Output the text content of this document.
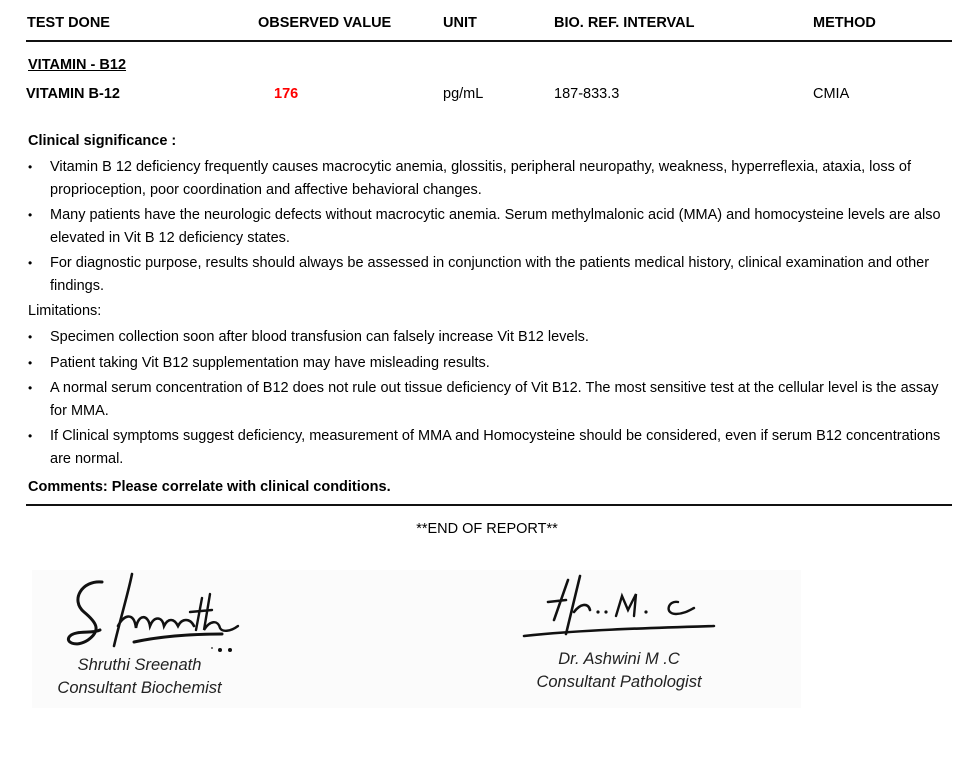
TEST DONE	OBSERVED VALUE	UNIT	BIO. REF. INTERVAL	METHOD
VITAMIN - B12
VITAMIN B-12	176	pg/mL	187-833.3	CMIA
Clinical significance :
• Vitamin B 12 deficiency frequently causes macrocytic anemia, glossitis, peripheral neuropathy, weakness, hyperreflexia, ataxia, loss of proprioception, poor coordination and affective behavioral changes.
• Many patients have the neurologic defects without macrocytic anemia. Serum methylmalonic acid (MMA) and homocysteine levels are also elevated in Vit B 12 deficiency states.
• For diagnostic purpose, results should always be assessed in conjunction with the patients medical history, clinical examination and other findings.
Limitations:
• Specimen collection soon after blood transfusion can falsely increase Vit B12 levels.
• Patient taking Vit B12 supplementation may have misleading results.
• A normal serum concentration of B12 does not rule out tissue deficiency of Vit B12. The most sensitive test at the cellular level is the assay for MMA.
• If Clinical symptoms suggest deficiency, measurement of MMA and Homocysteine should be considered, even if serum B12 concentrations are normal.
Comments: Please correlate with clinical conditions.
**END OF REPORT**
Shruthi Sreenath
Consultant Biochemist
Dr. Ashwini M .C
Consultant Pathologist
